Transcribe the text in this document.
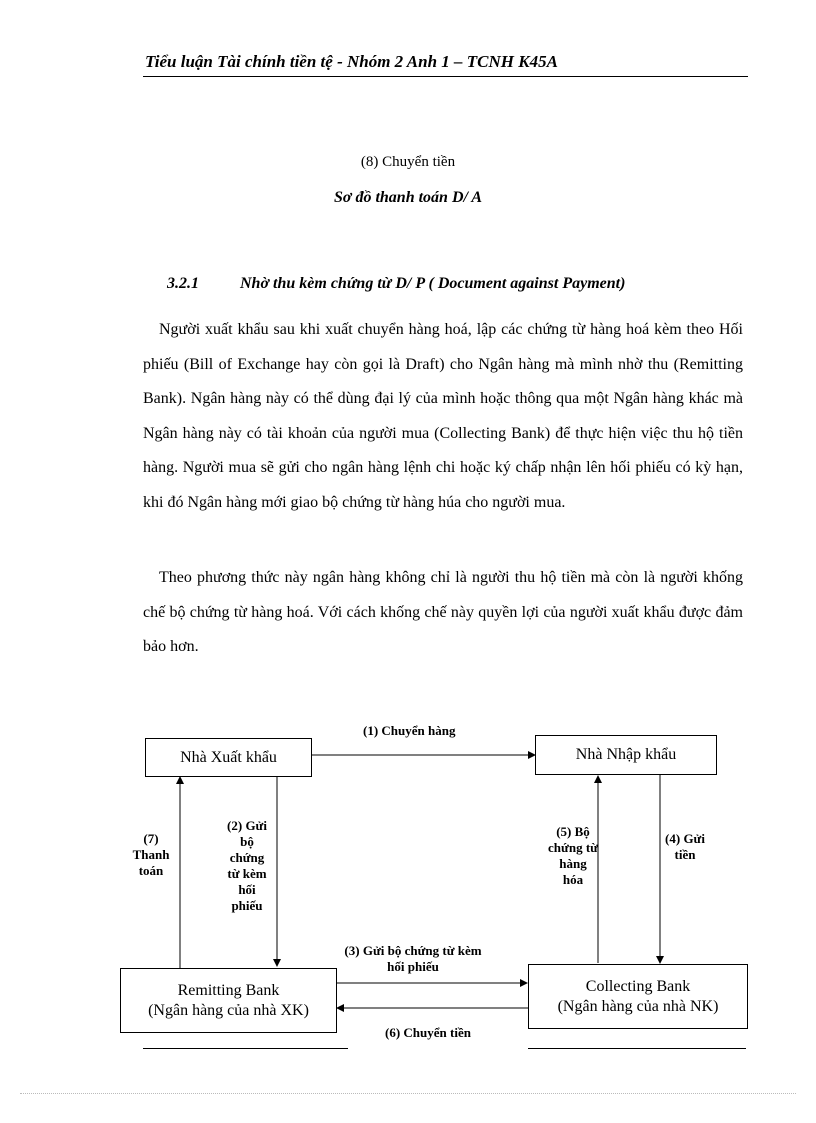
Tiểu luận Tài chính tiền tệ - Nhóm 2 Anh 1 – TCNH K45A
(8) Chuyển tiền
Sơ đồ thanh toán D/ A
3.2.1	Nhờ thu kèm chứng từ D/ P ( Document against Payment)

Người xuất khẩu sau khi xuất chuyển hàng hoá, lập các chứng từ hàng hoá kèm theo Hối phiếu (Bill of Exchange hay còn gọi là Draft) cho Ngân hàng mà mình nhờ thu (Remitting Bank). Ngân hàng này có thể dùng đại lý của mình hoặc thông qua một Ngân hàng khác mà Ngân hàng này có tài khoản của người mua (Collecting Bank) để thực hiện việc thu hộ tiền hàng. Người mua sẽ gửi cho ngân hàng lệnh chi hoặc ký chấp nhận lên hối phiếu có kỳ hạn, khi đó Ngân hàng mới giao bộ chứng từ hàng húa cho người mua.

Theo phương thức này ngân hàng không chỉ là người thu hộ tiền mà còn là người khống chế bộ chứng từ hàng hoá. Với cách khống chế này quyền lợi của người xuất khẩu được đảm bảo hơn.

Nhà Xuất khẩu	Nhà Nhập khẩu
Remitting Bank
(Ngân hàng của nhà XK)
Collecting Bank
(Ngân hàng của nhà NK)
(1) Chuyển hàng
(2) Gửi bộ chứng từ kèm hối phiếu
(7) Thanh toán
(3) Gửi bộ chứng từ kèm hối phiếu
(6) Chuyển tiền
(5) Bộ chứng từ hàng hóa
(4) Gửi tiền
